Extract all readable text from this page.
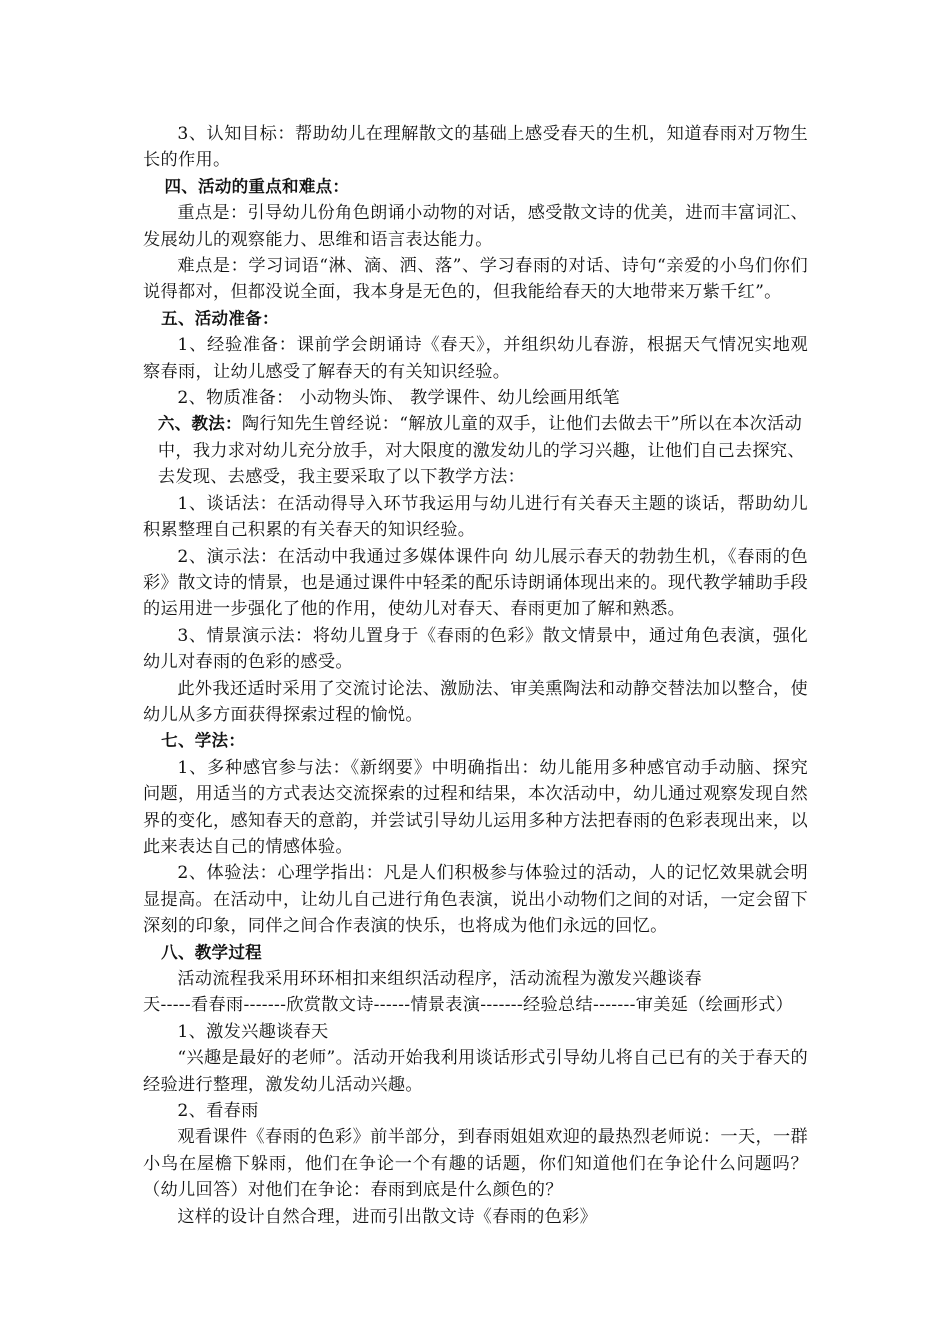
3、认知目标：帮助幼儿在理解散文的基础上感受春天的生机，知道春雨对万物生长的作用。

四、活动的重点和难点：

重点是：引导幼儿份角色朗诵小动物的对话，感受散文诗的优美，进而丰富词汇、发展幼儿的观察能力、思维和语言表达能力。

难点是：学习词语“淋、滴、洒、落”、学习春雨的对话、诗句“亲爱的小鸟们你们说得都对，但都没说全面，我本身是无色的，但我能给春天的大地带来万紫千红”。

五、活动准备：

1、经验准备：课前学会朗诵诗《春天》，并组织幼儿春游，根据天气情况实地观察春雨，让幼儿感受了解春天的有关知识经验。

2、物质准备： 小动物头饰、 教学课件、幼儿绘画用纸笔

六、教法：陶行知先生曾经说：“解放儿童的双手，让他们去做去干”所以在本次活动中，我力求对幼儿充分放手，对大限度的激发幼儿的学习兴趣，让他们自己去探究、去发现、去感受，我主要采取了以下教学方法：

1、谈话法：在活动得导入环节我运用与幼儿进行有关春天主题的谈话，帮助幼儿积累整理自己积累的有关春天的知识经验。

2、演示法：在活动中我通过多媒体课件向 幼儿展示春天的勃勃生机，《春雨的色彩》散文诗的情景，也是通过课件中轻柔的配乐诗朗诵体现出来的。现代教学辅助手段的运用进一步强化了他的作用，使幼儿对春天、春雨更加了解和熟悉。

3、情景演示法：将幼儿置身于《春雨的色彩》散文情景中，通过角色表演，强化幼儿对春雨的色彩的感受。

此外我还适时采用了交流讨论法、激励法、审美熏陶法和动静交替法加以整合，使幼儿从多方面获得探索过程的愉悦。

七、学法：

1、多种感官参与法：《新纲要》中明确指出：幼儿能用多种感官动手动脑、探究问题，用适当的方式表达交流探索的过程和结果，本次活动中，幼儿通过观察发现自然界的变化，感知春天的意韵，并尝试引导幼儿运用多种方法把春雨的色彩表现出来，以此来表达自己的情感体验。

2、体验法：心理学指出：凡是人们积极参与体验过的活动，人的记忆效果就会明显提高。在活动中，让幼儿自己进行角色表演，说出小动物们之间的对话，一定会留下深刻的印象，同伴之间合作表演的快乐，也将成为他们永远的回忆。

八、教学过程

活动流程我采用环环相扣来组织活动程序，活动流程为激发兴趣谈春

天-----看春雨-------欣赏散文诗------情景表演-------经验总结-------审美延（绘画形式）

1、激发兴趣谈春天

“兴趣是最好的老师”。活动开始我利用谈话形式引导幼儿将自己已有的关于春天的经验进行整理，激发幼儿活动兴趣。

2、看春雨

观看课件《春雨的色彩》前半部分，到春雨姐姐欢迎的最热烈老师说：一天，一群小鸟在屋檐下躲雨，他们在争论一个有趣的话题，你们知道他们在争论什么问题吗？（幼儿回答）对他们在争论：春雨到底是什么颜色的？

这样的设计自然合理，进而引出散文诗《春雨的色彩》
